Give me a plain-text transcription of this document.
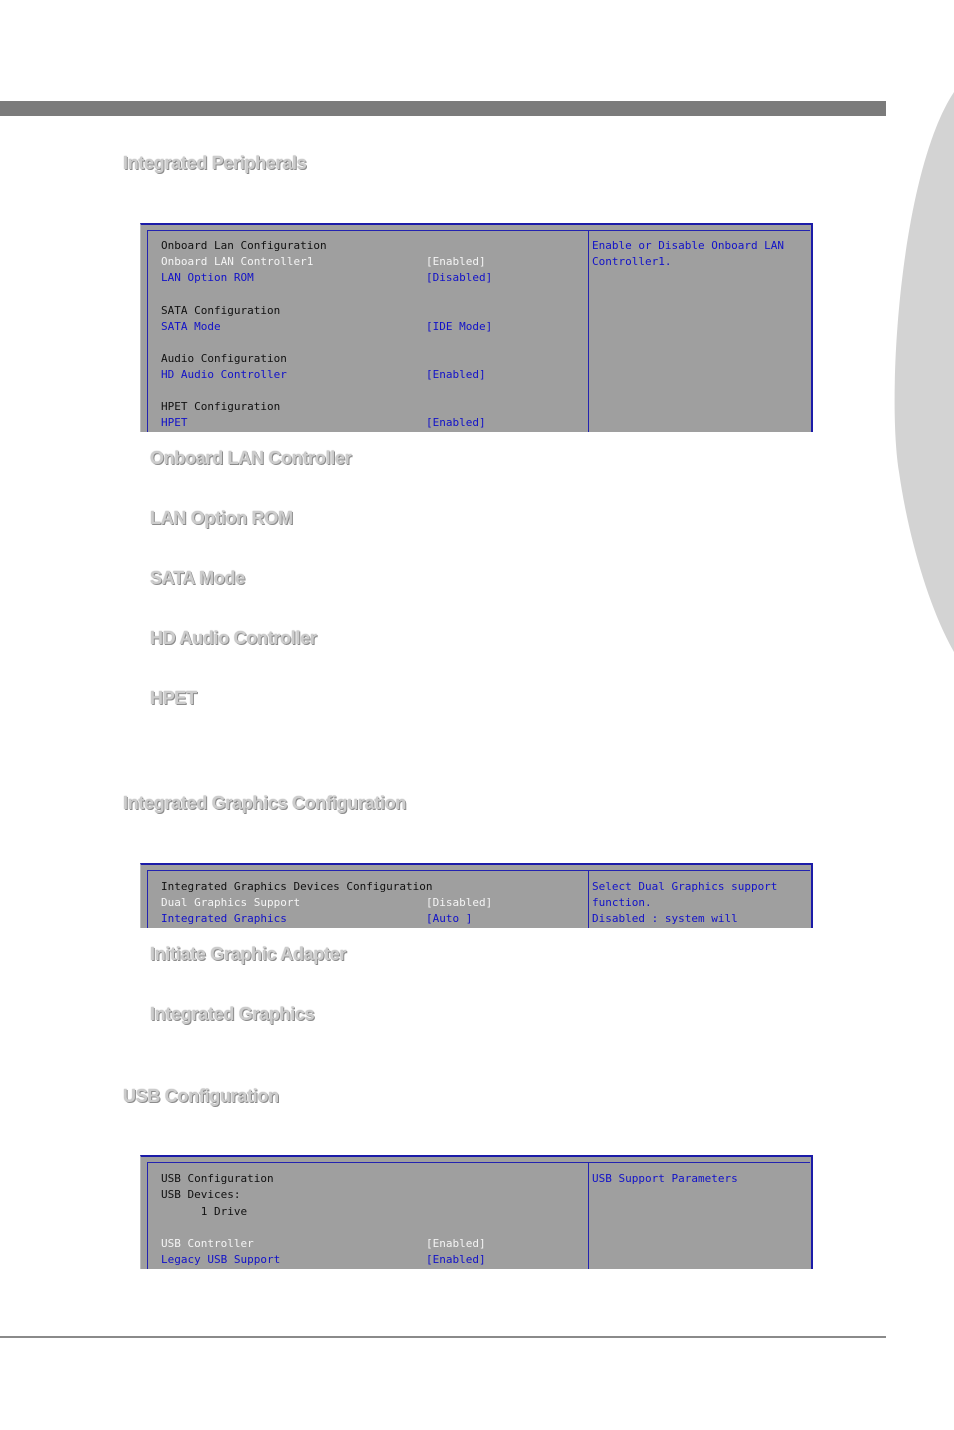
Integrated Peripherals
Onboard Lan Configuration
Onboard LAN Controller1	[Enabled]
LAN Option ROM	[Disabled]
SATA Configuration
SATA Mode	[IDE Mode]
Audio Configuration
HD Audio Controller	[Enabled]
HPET Configuration
HPET	[Enabled]
Enable or Disable Onboard LAN
Controller1.
Onboard LAN Controller
LAN Option ROM
SATA Mode
HD Audio Controller
HPET
Integrated Graphics Configuration
Integrated Graphics Devices Configuration
Dual Graphics Support	[Disabled]
Integrated Graphics	[Auto ]
Select Dual Graphics support
function.
Disabled : system will
Initiate Graphic Adapter
Integrated Graphics
USB Configuration
USB Configuration
USB Devices:
1 Drive
USB Controller	[Enabled]
Legacy USB Support	[Enabled]
USB Support Parameters
